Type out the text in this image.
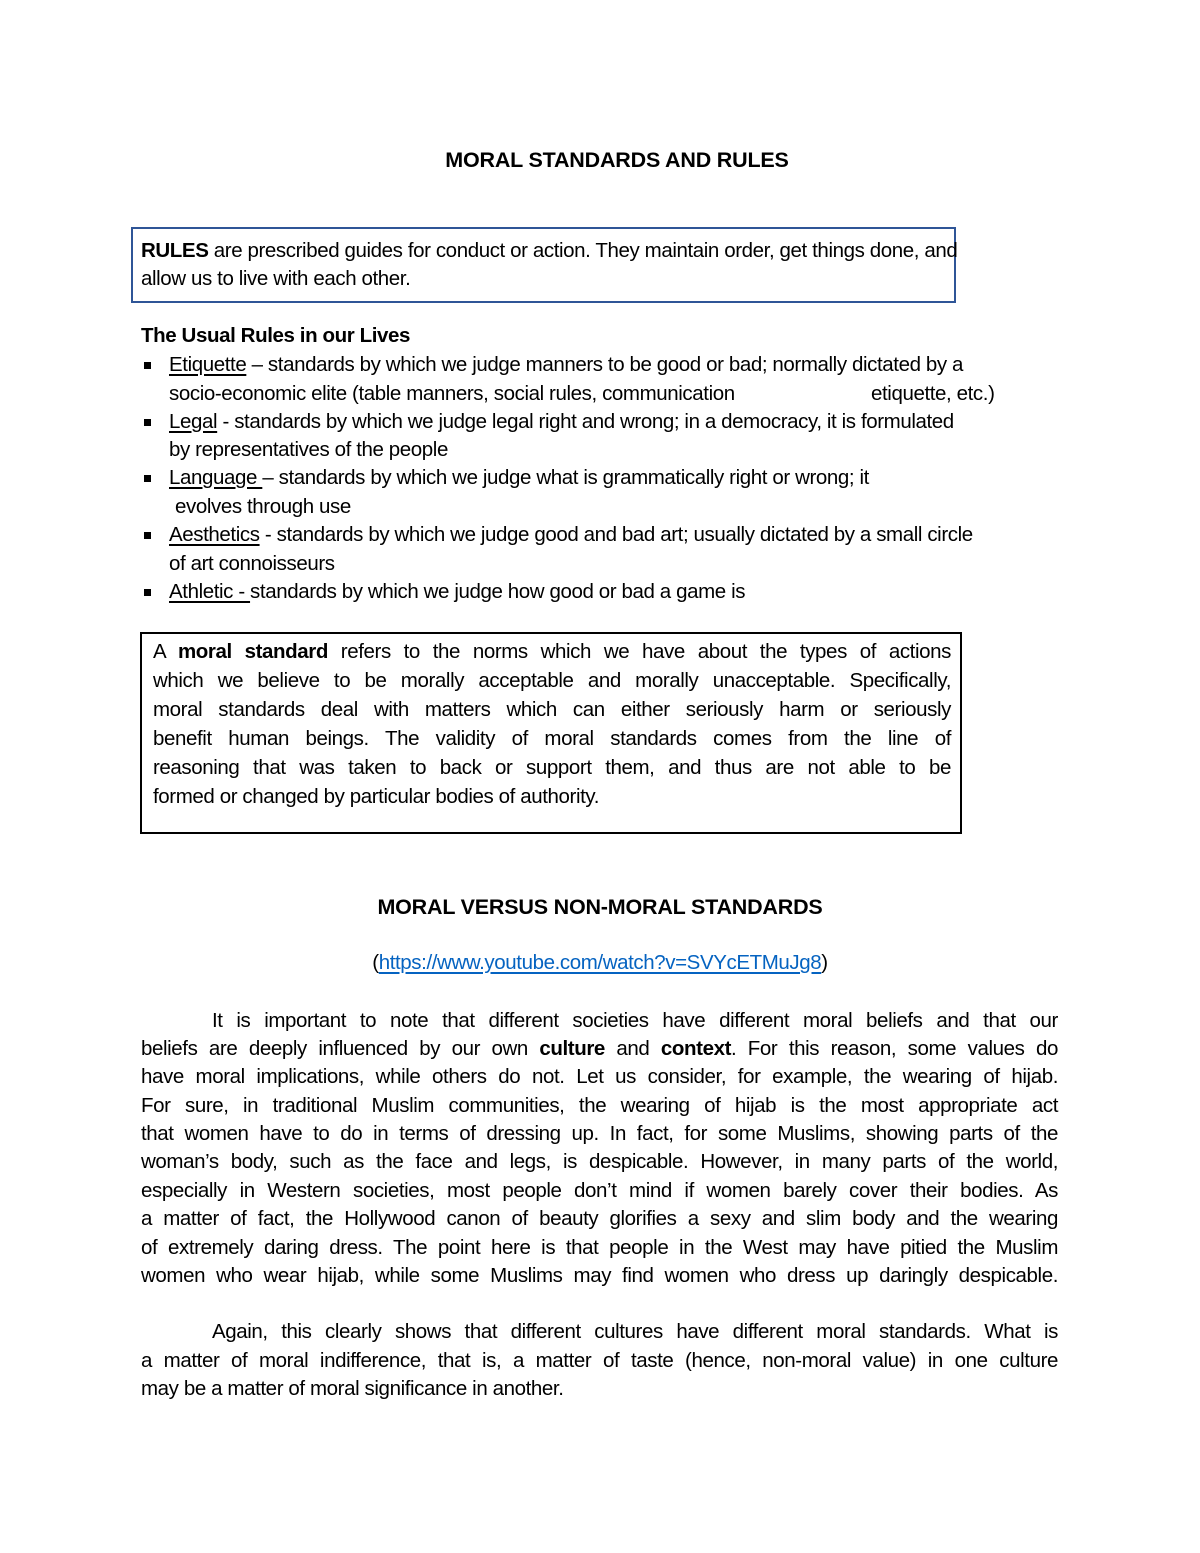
MORAL STANDARDS AND RULES
RULES are prescribed guides for conduct or action. They maintain order, get things done, and
allow us to live with each other.
The Usual Rules in our Lives
Etiquette – standards by which we judge manners to be good or bad; normally dictated by a
socio-economic elite (table manners, social rules, communication	etiquette, etc.)
Legal - standards by which we judge legal right and wrong; in a democracy, it is formulated
by representatives of the people
Language – standards by which we judge what is grammatically right or wrong; it
evolves through use
Aesthetics - standards by which we judge good and bad art; usually dictated by a small circle
of art connoisseurs
Athletic - standards by which we judge how good or bad a game is
A moral standard refers to the norms which we have about the types of actions
which we believe to be morally acceptable and morally unacceptable. Specifically,
moral standards deal with matters which can either seriously harm or seriously
benefit human beings. The validity of moral standards comes from the line of
reasoning that was taken to back or support them, and thus are not able to be
formed or changed by particular bodies of authority.
MORAL VERSUS NON-MORAL STANDARDS
(https://www.youtube.com/watch?v=SVYcETMuJg8)
It is important to note that different societies have different moral beliefs and that our
beliefs are deeply influenced by our own culture and context. For this reason, some values do
have moral implications, while others do not. Let us consider, for example, the wearing of hijab.
For sure, in traditional Muslim communities, the wearing of hijab is the most appropriate act
that women have to do in terms of dressing up. In fact, for some Muslims, showing parts of the
woman’s body, such as the face and legs, is despicable. However, in many parts of the world,
especially in Western societies, most people don’t mind if women barely cover their bodies. As
a matter of fact, the Hollywood canon of beauty glorifies a sexy and slim body and the wearing
of extremely daring dress. The point here is that people in the West may have pitied the Muslim
women who wear hijab, while some Muslims may find women who dress up daringly despicable.
Again, this clearly shows that different cultures have different moral standards. What is
a matter of moral indifference, that is, a matter of taste (hence, non-moral value) in one culture
may be a matter of moral significance in another.
